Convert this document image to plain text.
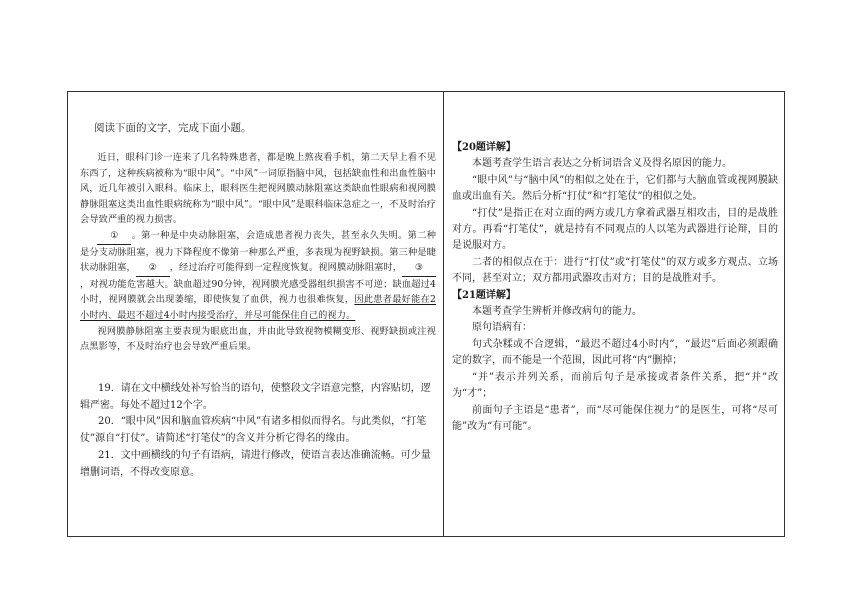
阅读下面的文字，完成下面小题。

近日，眼科门诊一连来了几名特殊患者，都是晚上熬夜看手机，第二天早上看不见东西了，这种疾病被称为“眼中风”。“中风”一词原指脑中风，包括缺血性和出血性脑中风，近几年被引入眼科。临床上，眼科医生把视网膜动脉阻塞这类缺血性眼病和视网膜静脉阻塞这类出血性眼病统称为“眼中风”。“眼中风”是眼科临床急症之一，不及时治疗会导致严重的视力损害。

① 。第一种是中央动脉阻塞，会造成患者视力丧失，甚至永久失明。第二种是分支动脉阻塞，视力下降程度不像第一种那么严重，多表现为视野缺损。第三种是睫状动脉阻塞， ② ，经过治疗可能得到一定程度恢复。视网膜动脉阻塞时， ③，对视功能危害越大。缺血超过90分钟，视网膜光感受器组织损害不可逆；缺血超过4小时，视网膜就会出现萎缩，即使恢复了血供，视力也很难恢复，因此患者最好能在2小时内、最迟不超过4小时内接受治疗，并尽可能保住自己的视力。

视网膜静脉阻塞主要表现为眼底出血，并由此导致视物模糊变形、视野缺损或注视点黑影等，不及时治疗也会导致严重后果。

19．请在文中横线处补写恰当的语句，使整段文字语意完整，内容贴切，逻辑严密。每处不超过12个字。

20．“眼中风”因和脑血管疾病“中风”有诸多相似而得名。与此类似，“打笔仗”源自“打仗”。请简述“打笔仗”的含义并分析它得名的缘由。

21．文中画横线的句子有语病，请进行修改，使语言表达准确流畅。可少量增删词语，不得改变原意。

【20题详解】

本题考查学生语言表达之分析词语含义及得名原因的能力。

“眼中风”与“脑中风”的相似之处在于，它们都与大脑血管或视网膜缺血或出血有关。然后分析“打仗”和“打笔仗”的相似之处。

“打仗”是指正在对立面的两方或几方拿着武器互相攻击，目的是战胜对方。再看“打笔仗”，就是持有不同观点的人以笔为武器进行论辩，目的是说服对方。

二者的相似点在于：进行“打仗”或“打笔仗”的双方或多方观点、立场不同，甚至对立；双方都用武器攻击对方；目的是战胜对手。

【21题详解】

本题考查学生辨析并修改病句的能力。

原句语病有：

句式杂糅或不合逻辑，“最迟不超过4小时内”，“最迟”后面必须跟确定的数字，而不能是一个范围，因此可将“内”删掉；

“并”表示并列关系，而前后句子是承接或者条件关系，把“并”改为“才”；

前面句子主语是“患者”，而“尽可能保住视力”的是医生，可将“尽可能”改为“有可能”。
